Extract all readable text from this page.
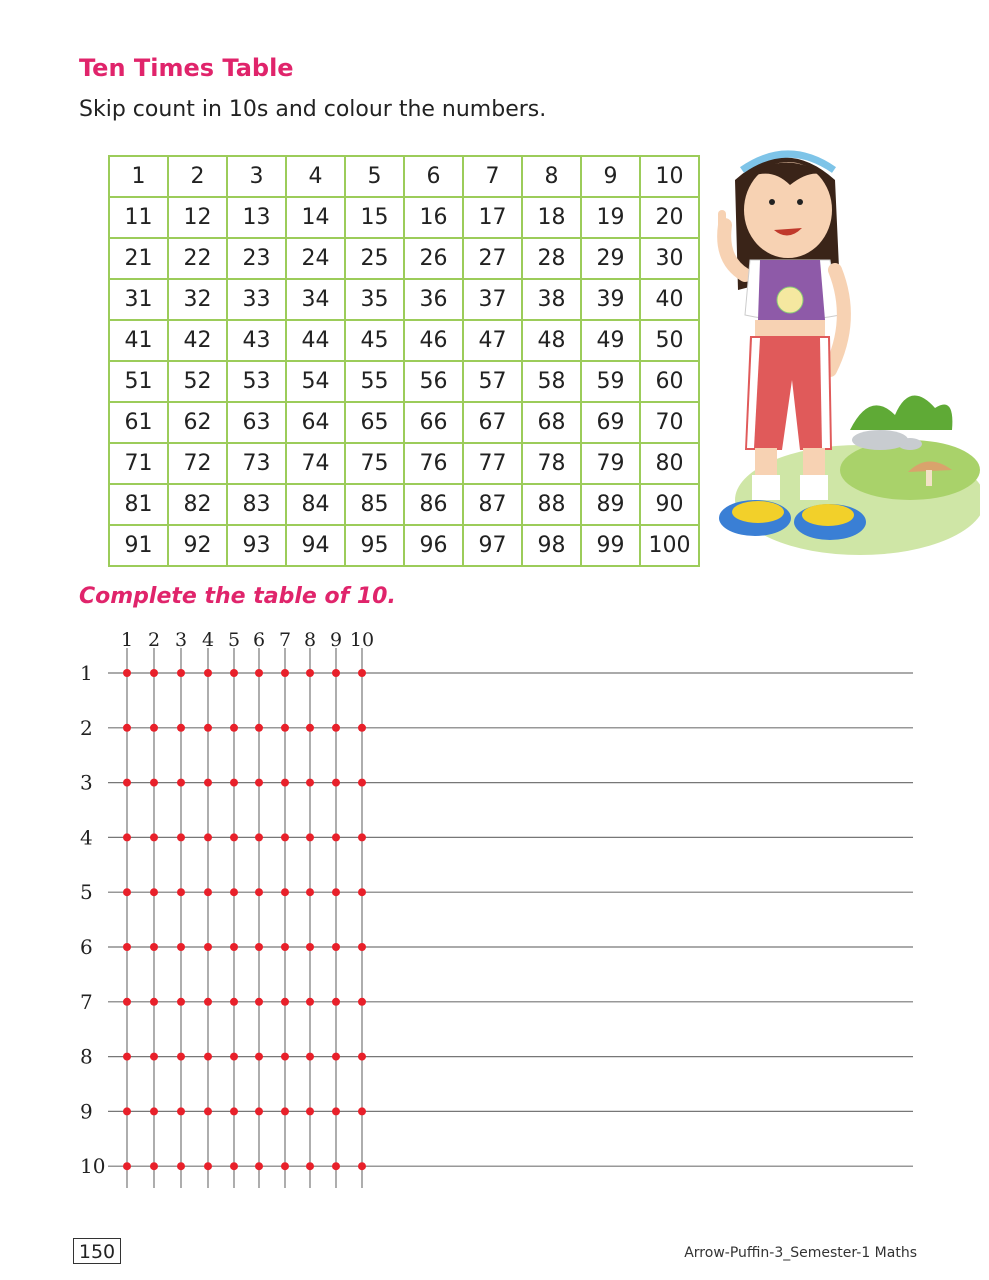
Ten Times Table

Skip count in 10s and colour the numbers.

1	2	3	4	5	6	7	8	9	10
11	12	13	14	15	16	17	18	19	20
21	22	23	24	25	26	27	28	29	30
31	32	33	34	35	36	37	38	39	40
41	42	43	44	45	46	47	48	49	50
51	52	53	54	55	56	57	58	59	60
61	62	63	64	65	66	67	68	69	70
71	72	73	74	75	76	77	78	79	80
81	82	83	84	85	86	87	88	89	90
91	92	93	94	95	96	97	98	99	100

Complete the table of 10.

1
2
3
4
5
6
7
8
9
10
1 2 3 4 5 6 7 8 9 10
150	Arrow-Puffin-3_Semester-1 Maths
